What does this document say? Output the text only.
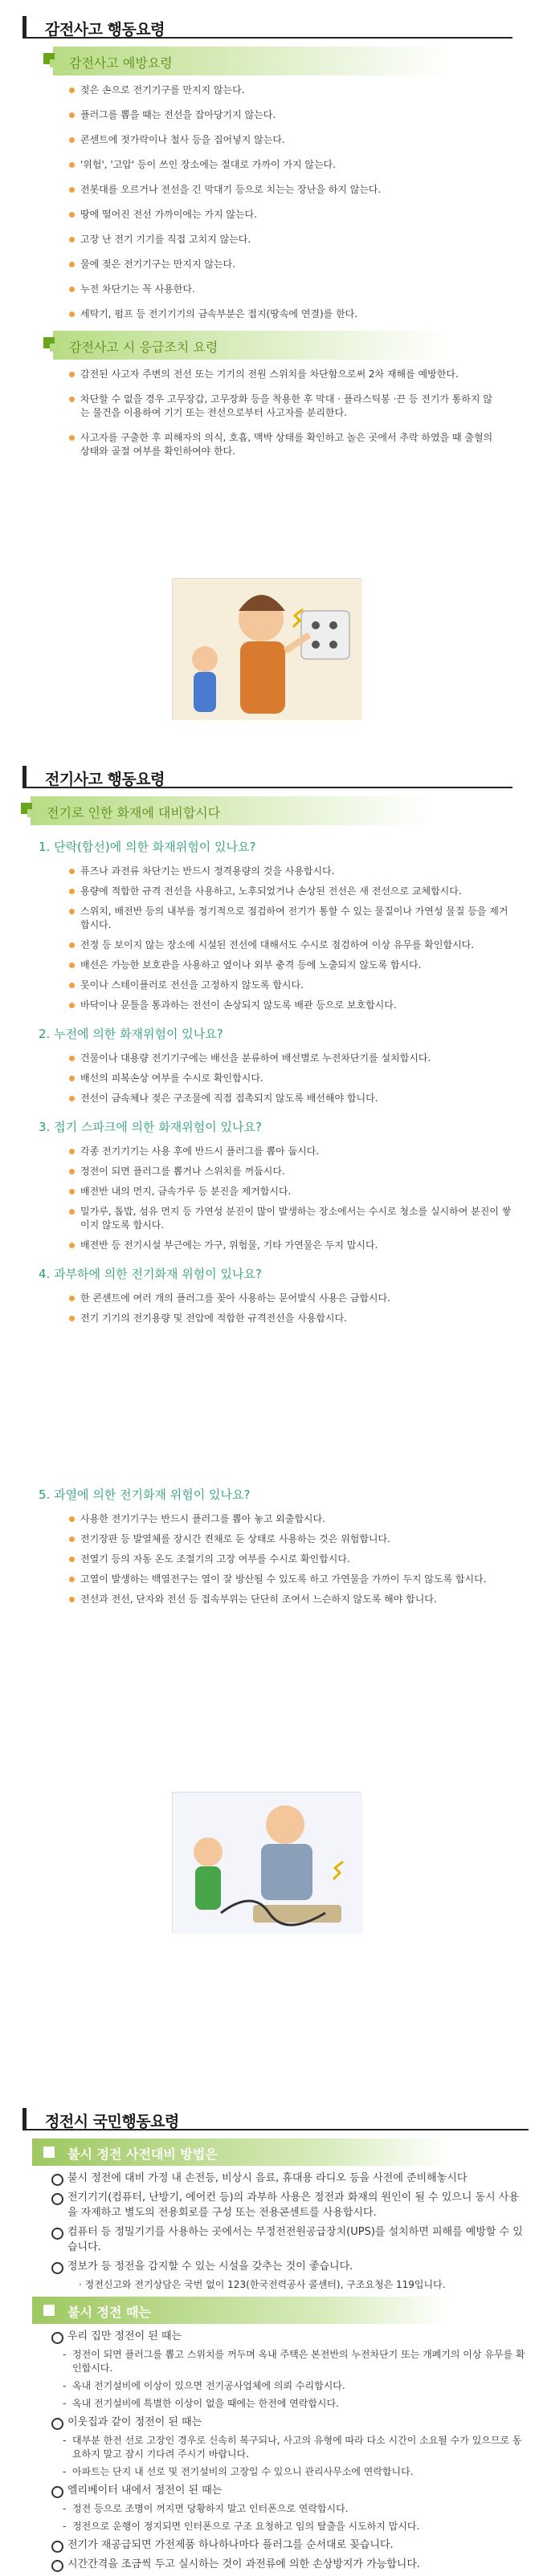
감전사고 행동요령
감전사고 예방요령
젖은 손으로 전기기구를 만지지 않는다.
플러그를 뽑을 때는 전선을 잡아당기지 않는다.
콘센트에 젓가락이나 철사 등을 집어넣지 않는다.
'위험', '고압' 등이 쓰인 장소에는 절대로 가까이 가지 않는다.
전봇대를 오르거나 전선을 긴 막대기 등으로 치는는 장난을 하지 않는다.
땅에 떨어진 전선 가까이에는 가지 않는다.
고장 난 전기 기기를 직접 고치지 않는다.
물에 젖은 전기기구는 만지지 않는다.
누전 차단기는 꼭 사용한다.
세탁기, 펌프 등 전기기기의 금속부분은 접지(땅속에 연결)를 한다.
감전사고 시 응급조치 요령
감전된 사고자 주변의 전선 또는 기기의 전원 스위치를 차단함으로써 2차 재해를 예방한다.
차단할 수 없을 경우 고무장갑, 고무장화 등을 착용한 후 막대 · 플라스틱봉 ·끈 등 전기가 통하지 않는 물건을 이용하여 기기 또는 전선으로부터 사고자를 분리한다.
사고자를 구출한 후 피해자의 의식, 호흡, 맥박 상태를 확인하고 놀은 곳에서 추락 하였을 때 출혈의 상태와 골절 여부를 확인하여야 한다.
전기사고 행동요령
전기로 인한 화재에 대비합시다
1. 단락(합선)에 의한 화재위험이 있나요?
퓨즈나 과전류 차단기는 반드시 정격용량의 것을 사용합시다.
용량에 적합한 규격 전선을 사용하고, 노후되었거나 손상된 전선은 새 전선으로 교체합시다.
스위치, 배전반 등의 내부를 정기적으로 점검하여 전기가 통할 수 있는 물질이나 가연성 물질 등을 제거합시다.
전정 등 보이지 않는 장소에 시설된 전선에 대해서도 수시로 점검하여 이상 유무를 확인합시다.
배선은 가능한 보호관을 사용하고 옆이나 외부 충격 등에 노출되지 않도록 합시다.
못이나 스테이플러로 전선을 고정하지 않도록 합시다.
바닥이나 문틀을 통과하는 전선이 손상되지 않도록 배관 등으로 보호합시다.
2. 누전에 의한 화재위험이 있나요?
건물이나 대용량 전기기구에는 배선을 분류하여 배선별로 누전차단기를 설치합시다.
배선의 피복손상 여부를 수시로 확인합시다.
전선이 금속체나 젖은 구조물에 직접 접촉되지 않도록 배선해야 합니다.
3. 접기 스파크에 의한 화재위험이 있나요?
각종 전기기기는 사용 후에 반드시 플러그를 뽑아 둡시다.
정전이 되면 플러그를 뽑거나 스위치를 꺼둡시다.
배전반 내의 먼지, 금속가루 등 분진을 제거합시다.
밀가루, 톱밥, 섬유 먼지 등 가연성 분진이 많이 발생하는 장소에서는 수시로 청소를 실시하여 분진이 쌓이지 않도록 합시다.
배전반 등 전기시설 부근에는 가구, 위험물, 기타 가연물은 두지 맙시다.
4. 과부하에 의한 전기화재 위험이 있나요?
한 콘센트에 여러 개의 플러그를 꽂아 사용하는 문어발식 사용은 금합시다.
전기 기기의 전기용량 및 전압에 적합한 규격전선을 사용합시다.
5. 과열에 의한 전기화재 위험이 있나요?
사용한 전기기구는 반드시 플러그를 뽑아 놓고 외출합시다.
전기장판 등 발열체를 장시간 켠채로 둔 상태로 사용하는 것은 위험합니다.
전열기 등의 자동 온도 조절기의 고장 여부를 수시로 확인합시다.
고열이 발생하는 백열전구는 열이 잘 방산될 수 있도록 하고 가연물을 가까이 두지 않도록 합시다.
전선과 전선, 단자와 전선 등 접속부위는 단단히 조여서 느슨하지 않도록 해야 합니다.
정전시 국민행동요령
불시 정전 사전대비 방법은
불시 정전에 대비 가정 내 손전등, 비상시 음료, 휴대용 라디오 등을 사전에 준비해놓시다
전기기기(컴퓨터, 난방기, 에어컨 등)의 과부하 사용은 정전과 화재의 원인이 될 수 있으니 동시 사용을 자제하고 별도의 전용회로를 구성 또는 전용콘센트를 사용합시다.
컴퓨터 등 정밀기기를 사용하는 곳에서는 무정전전원공급장치(UPS)를 설치하면 피해를 예방할 수 있습니다.
정보가 등 정전을 감지할 수 있는 시설을 갖추는 것이 좋습니다.
· 정전신고와 전기상담은 국번 없이 123(한국전력공사 콜센터), 구조요청은 119입니다.
불시 정전 때는
우리 집만 정전이 된 때는
- 정전이 되면 플러그를 뽑고 스위치를 꺼두며 옥내 주택은 본전반의 누전차단기 또는 개폐기의 이상 유무를 확인합시다.
- 옥내 전기설비에 이상이 있으면 전기공사업체에 의뢰 수리합시다.
- 옥내 전기설비에 특별한 이상이 없을 때에는 한전에 연락합시다.
이웃집과 같이 정전이 된 때는
- 대부분 한전 선로 고장인 경우로 신속히 복구되나, 사고의 유형에 따라 다소 시간이 소요될 수가 있으므로 동요하지 말고 잠시 기다려 주시기 바랍니다.
- 아파트는 단지 내 선로 및 전기설비의 고장일 수 있으니 관리사무소에 연락합니다.
엘리베이터 내에서 정전이 된 때는
- 정전 등으로 조명이 꺼지면 당황하지 말고 인터폰으로 연락합시다.
- 정전으로 운행이 정지되면 인터폰으로 구조 요청하고 임의 탈출을 시도하지 맙시다.
전기가 재공급되면 가전제품 하나하나마다 플러그를 순서대로 꽂습니다.
시간간격을 조금씩 두고 실시하는 것이 과전류에 의한 손상방지가 가능합니다.
